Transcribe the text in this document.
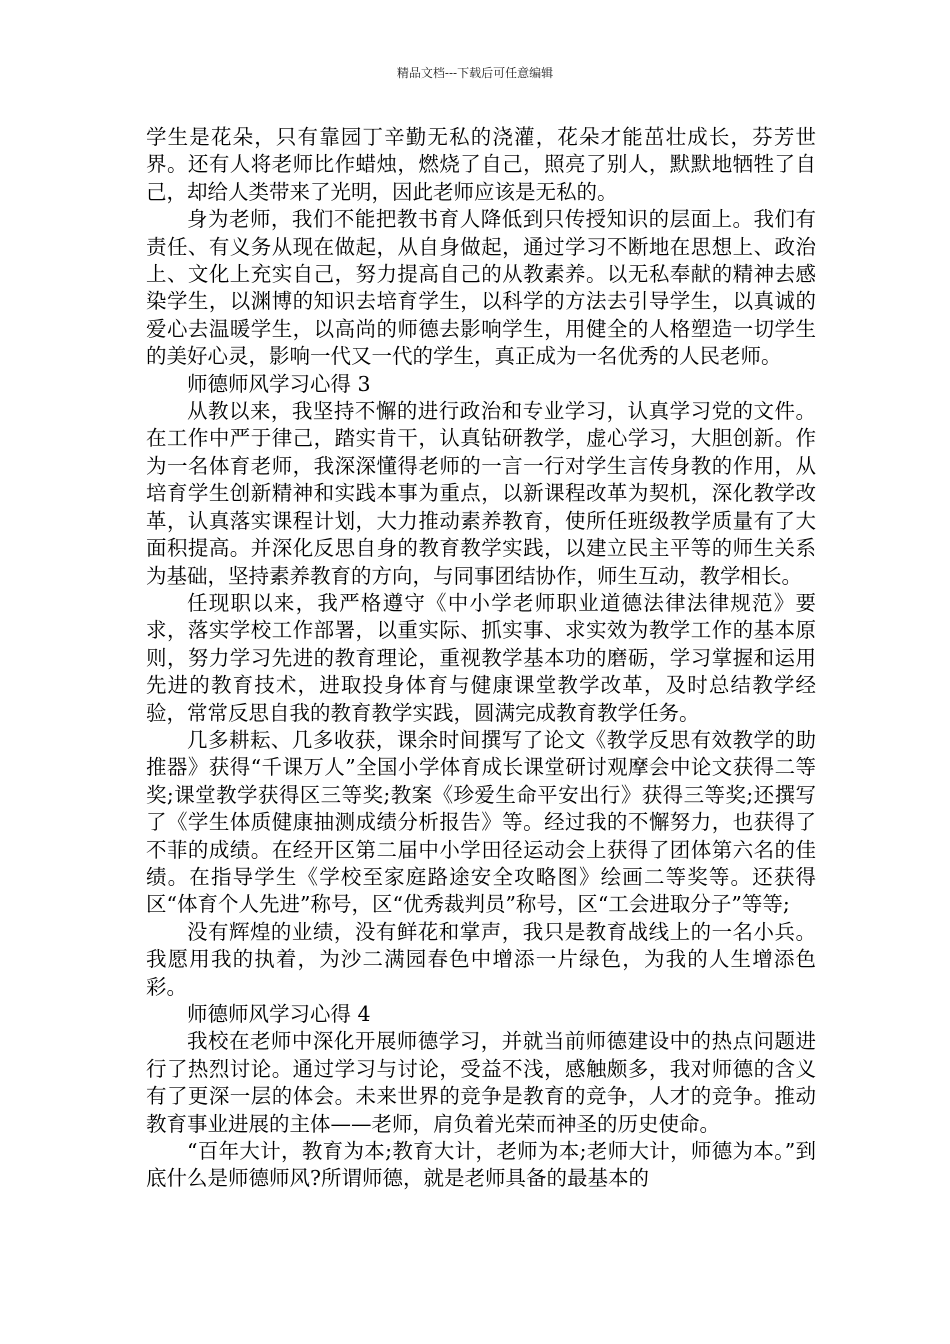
精品文档---下载后可任意编辑

学生是花朵，只有靠园丁辛勤无私的浇灌，花朵才能茁壮成长，芬芳世界。还有人将老师比作蜡烛，燃烧了自己，照亮了别人，默默地牺牲了自己，却给人类带来了光明，因此老师应该是无私的。

身为老师，我们不能把教书育人降低到只传授知识的层面上。我们有责任、有义务从现在做起，从自身做起，通过学习不断地在思想上、政治上、文化上充实自己，努力提高自己的从教素养。以无私奉献的精神去感染学生，以渊博的知识去培育学生，以科学的方法去引导学生，以真诚的爱心去温暖学生，以高尚的师德去影响学生，用健全的人格塑造一切学生的美好心灵，影响一代又一代的学生，真正成为一名优秀的人民老师。

师德师风学习心得 3

从教以来，我坚持不懈的进行政治和专业学习，认真学习党的文件。在工作中严于律己，踏实肯干，认真钻研教学，虚心学习，大胆创新。作为一名体育老师，我深深懂得老师的一言一行对学生言传身教的作用，从培育学生创新精神和实践本事为重点，以新课程改革为契机，深化教学改革，认真落实课程计划，大力推动素养教育，使所任班级教学质量有了大面积提高。并深化反思自身的教育教学实践，以建立民主平等的师生关系为基础，坚持素养教育的方向，与同事团结协作，师生互动，教学相长。

任现职以来，我严格遵守《中小学老师职业道德法律法律规范》要求，落实学校工作部署，以重实际、抓实事、求实效为教学工作的基本原则，努力学习先进的教育理论，重视教学基本功的磨砺，学习掌握和运用先进的教育技术，进取投身体育与健康课堂教学改革，及时总结教学经验，常常反思自我的教育教学实践，圆满完成教育教学任务。

几多耕耘、几多收获，课余时间撰写了论文《教学反思有效教学的助推器》获得“千课万人”全国小学体育成长课堂研讨观摩会中论文获得二等奖;课堂教学获得区三等奖;教案《珍爱生命平安出行》获得三等奖;还撰写了《学生体质健康抽测成绩分析报告》等。经过我的不懈努力，也获得了不菲的成绩。在经开区第二届中小学田径运动会上获得了团体第六名的佳绩。在指导学生《学校至家庭路途安全攻略图》绘画二等奖等。还获得区“体育个人先进”称号，区“优秀裁判员”称号，区“工会进取分子”等等;

没有辉煌的业绩，没有鲜花和掌声，我只是教育战线上的一名小兵。我愿用我的执着，为沙二满园春色中增添一片绿色，为我的人生增添色彩。

师德师风学习心得 4

我校在老师中深化开展师德学习，并就当前师德建设中的热点问题进行了热烈讨论。通过学习与讨论，受益不浅，感触颇多，我对师德的含义有了更深一层的体会。未来世界的竞争是教育的竞争，人才的竞争。推动教育事业进展的主体——老师，肩负着光荣而神圣的历史使命。

“百年大计，教育为本;教育大计，老师为本;老师大计，师德为本。”到底什么是师德师风?所谓师德，就是老师具备的最基本的
